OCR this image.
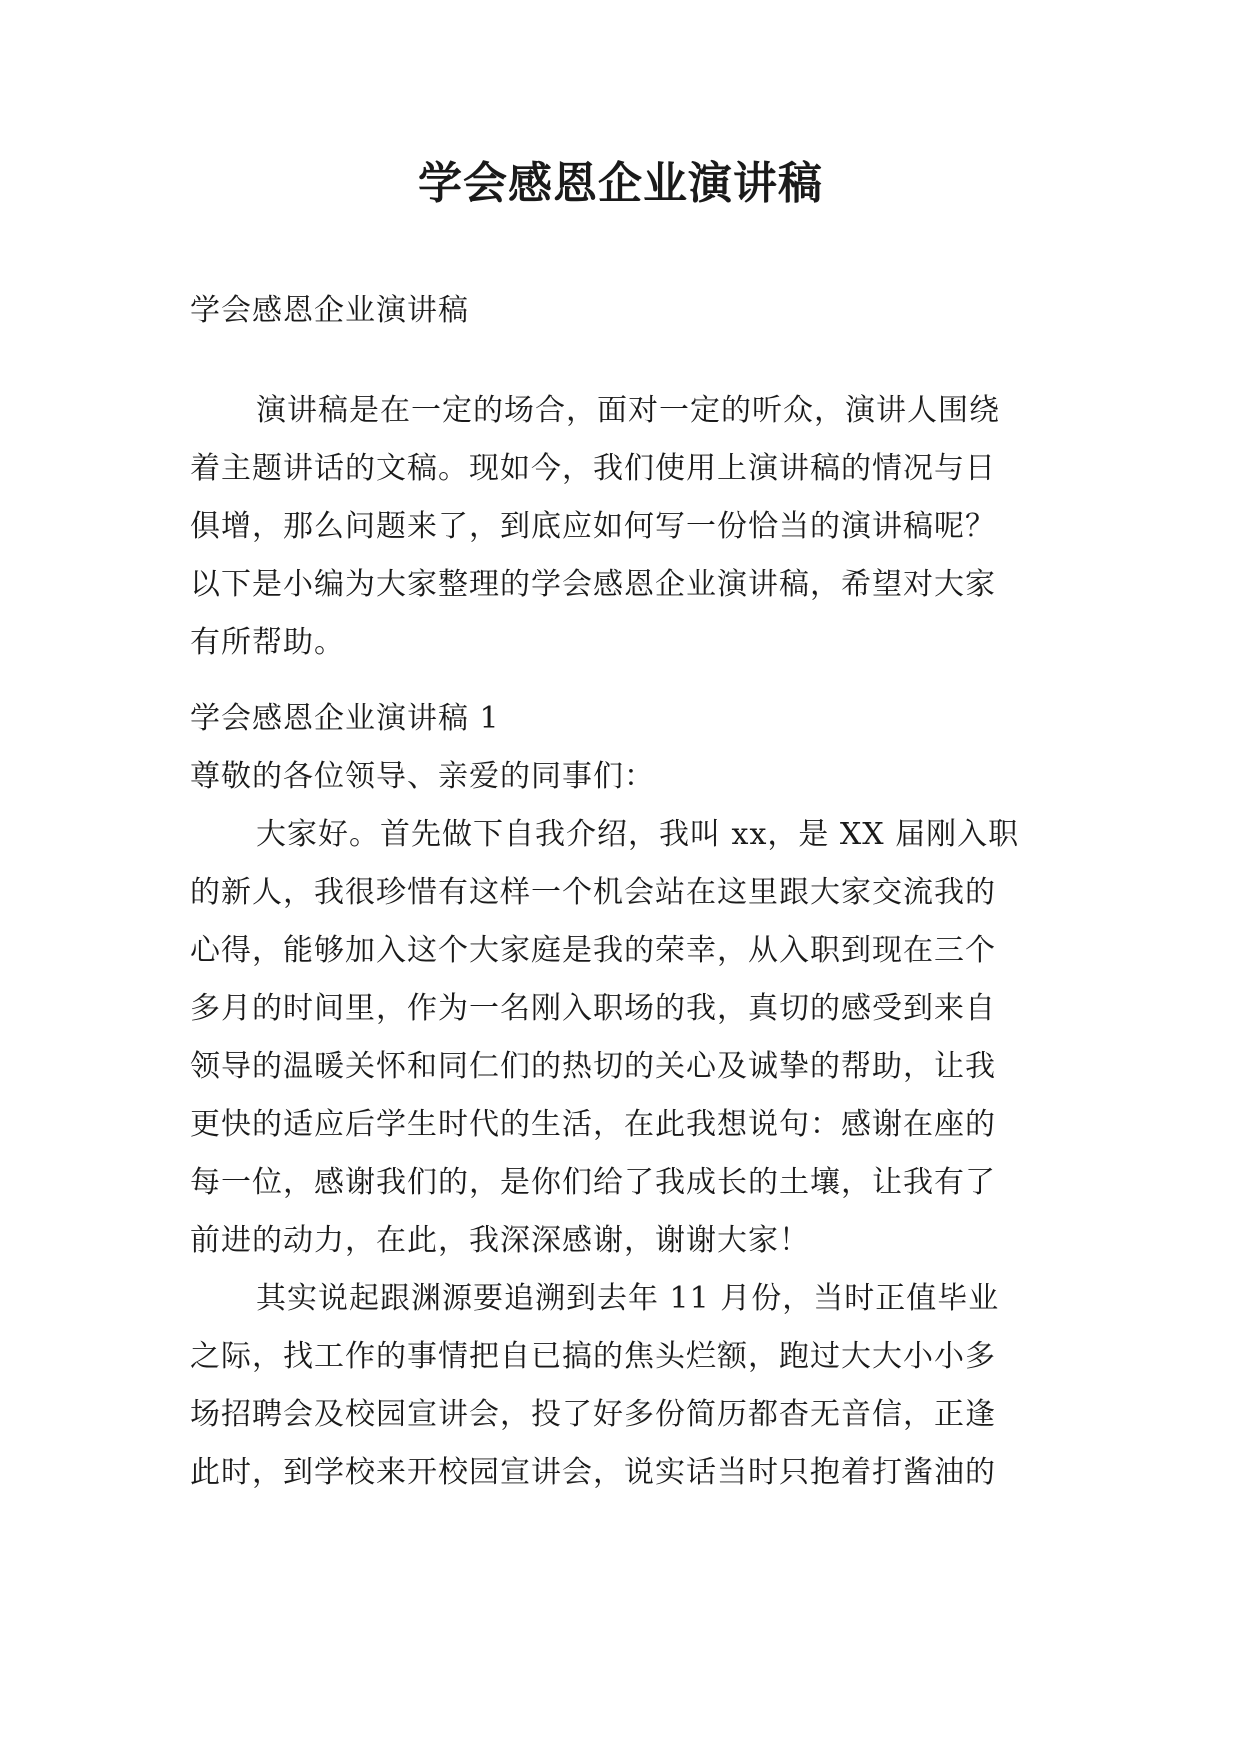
学会感恩企业演讲稿

学会感恩企业演讲稿

演讲稿是在一定的场合，面对一定的听众，演讲人围绕
着主题讲话的文稿。现如今，我们使用上演讲稿的情况与日
俱增，那么问题来了，到底应如何写一份恰当的演讲稿呢？
以下是小编为大家整理的学会感恩企业演讲稿，希望对大家
有所帮助。

学会感恩企业演讲稿 1

尊敬的各位领导、亲爱的同事们：

大家好。首先做下自我介绍，我叫 xx，是 XX 届刚入职
的新人，我很珍惜有这样一个机会站在这里跟大家交流我的
心得，能够加入这个大家庭是我的荣幸，从入职到现在三个
多月的时间里，作为一名刚入职场的我，真切的感受到来自
领导的温暖关怀和同仁们的热切的关心及诚挚的帮助，让我
更快的适应后学生时代的生活，在此我想说句：感谢在座的
每一位，感谢我们的，是你们给了我成长的土壤，让我有了
前进的动力，在此，我深深感谢，谢谢大家！
其实说起跟渊源要追溯到去年 11 月份，当时正值毕业
之际，找工作的事情把自已搞的焦头烂额，跑过大大小小多
场招聘会及校园宣讲会，投了好多份简历都杳无音信，正逢
此时，到学校来开校园宣讲会，说实话当时只抱着打酱油的
